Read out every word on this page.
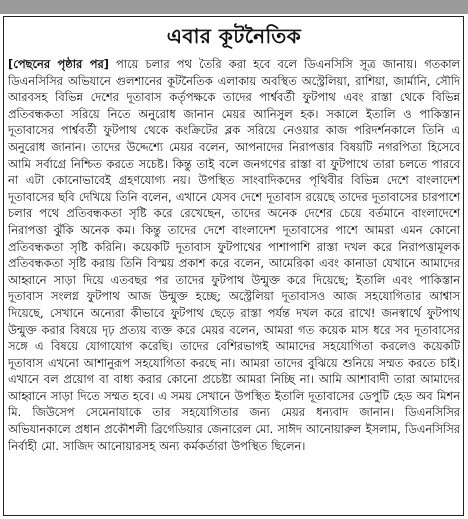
এবার কূটনৈতিক
[পেছনের পৃষ্ঠার পর] পায়ে চলার পথ তৈরি করা হবে বলে ডিএনসিসি সূত্র জানায়। গতকাল ডিএনসিসির অভিযানে গুলশানের কূটনৈতিক এলাকায় অবস্থিত অস্ট্রেলিয়া, রাশিয়া, জার্মানি, সৌদি আরবসহ বিভিন্ন দেশের দূতাবাস কর্তৃপক্ষকে তাদের পার্শ্ববর্তী ফুটপাথ এবং রাস্তা থেকে বিভিন্ন প্রতিবন্ধকতা সরিয়ে নিতে অনুরোধ জানান মেয়র আনিসুল হক। সকালে ইতালি ও পাকিস্তান দূতাবাসের পার্শ্ববর্তী ফুটপাথ থেকে কংক্রিটের ব্লক সরিয়ে নেওয়ার কাজ পরিদর্শনকালে তিনি এ অনুরোধ জানান। তাদের উদ্দেশ্যে মেয়র বলেন, আপনাদের নিরাপত্তার বিষয়টি নগরপিতা হিসেবে আমি সর্বাগ্রে নিশ্চিত করতে সচেষ্ট। কিন্তু তাই বলে জনগণের রাস্তা বা ফুটপাথে তারা চলতে পারবে না এটা কোনোভাবেই গ্রহণযোগ্য নয়। উপস্থিত সাংবাদিকদের পৃথিবীর বিভিন্ন দেশে বাংলাদেশ দূতাবাসের ছবি দেখিয়ে তিনি বলেন, এখানে যেসব দেশে দূতাবাস রয়েছে তাদের দূতাবাসের চারপাশে চলার পথে প্রতিবন্ধকতা সৃষ্টি করে রেখেছেন, তাদের অনেক দেশের চেয়ে বর্তমানে বাংলাদেশে নিরাপত্তা ঝুঁকি অনেক কম। কিন্তু তাদের দেশে বাংলাদেশ দূতাবাসের পাশে আমরা এমন কোনো প্রতিবন্ধকতা সৃষ্টি করিনি। কয়েকটি দূতাবাস ফুটপাথের পাশাপাশি রাস্তা দখল করে নিরাপত্তামূলক প্রতিবন্ধকতা সৃষ্টি করায় তিনি বিস্ময় প্রকাশ করে বলেন, আমেরিকা এবং কানাডা যেখানে আমাদের আহ্বানে সাড়া দিয়ে এতবছর পর তাদের ফুটপাথ উন্মুক্ত করে দিয়েছে; ইতালি এবং পাকিস্তান দূতাবাস সংলগ্ন ফুটপাথ আজ উন্মুক্ত হচ্ছে; অস্ট্রেলিয়া দূতাবাসও আজ সহযোগিতার আশ্বাস দিয়েছে, সেখানে অন্যেরা কীভাবে ফুটপাথ ছেড়ে রাস্তা পর্যন্ত দখল করে রাখে! জনস্বার্থে ফুটপাথ উন্মুক্ত করার বিষয়ে দৃঢ় প্রত্যয় ব্যক্ত করে মেয়র বলেন, আমরা গত কয়েক মাস ধরে সব দূতাবাসের সঙ্গে এ বিষয়ে যোগাযোগ করেছি। তাদের বেশিরভাগই আমাদের সহযোগিতা করলেও কয়েকটি দূতাবাস এখনো আশানুরূপ সহযোগিতা করছে না। আমরা তাদের বুঝিয়ে শুনিয়ে সম্মত করতে চাই। এখানে বল প্রয়োগ বা বাধ্য করার কোনো প্রচেষ্টা আমরা নিচ্ছি না। আমি আশাবাদী তারা আমাদের আহ্বানে সাড়া দিতে সম্মত হবে। এ সময় সেখানে উপস্থিত ইতালি দূতাবাসের ডেপুটি হেড অব মিশন মি. জিউসেপ সেমেনাযাকে তার সহযোগিতার জন্য মেয়র ধন্যবাদ জানান। ডিএনসিসির অভিযানকালে প্রধান প্রকৌশলী ব্রিগেডিয়ার জেনারেল মো. সাঈদ আনোয়ারুল ইসলাম, ডিএনসিসির নির্বাহী মো. সাজিদ আনোয়ারসহ অন্য কর্মকর্তারা উপস্থিত ছিলেন।
